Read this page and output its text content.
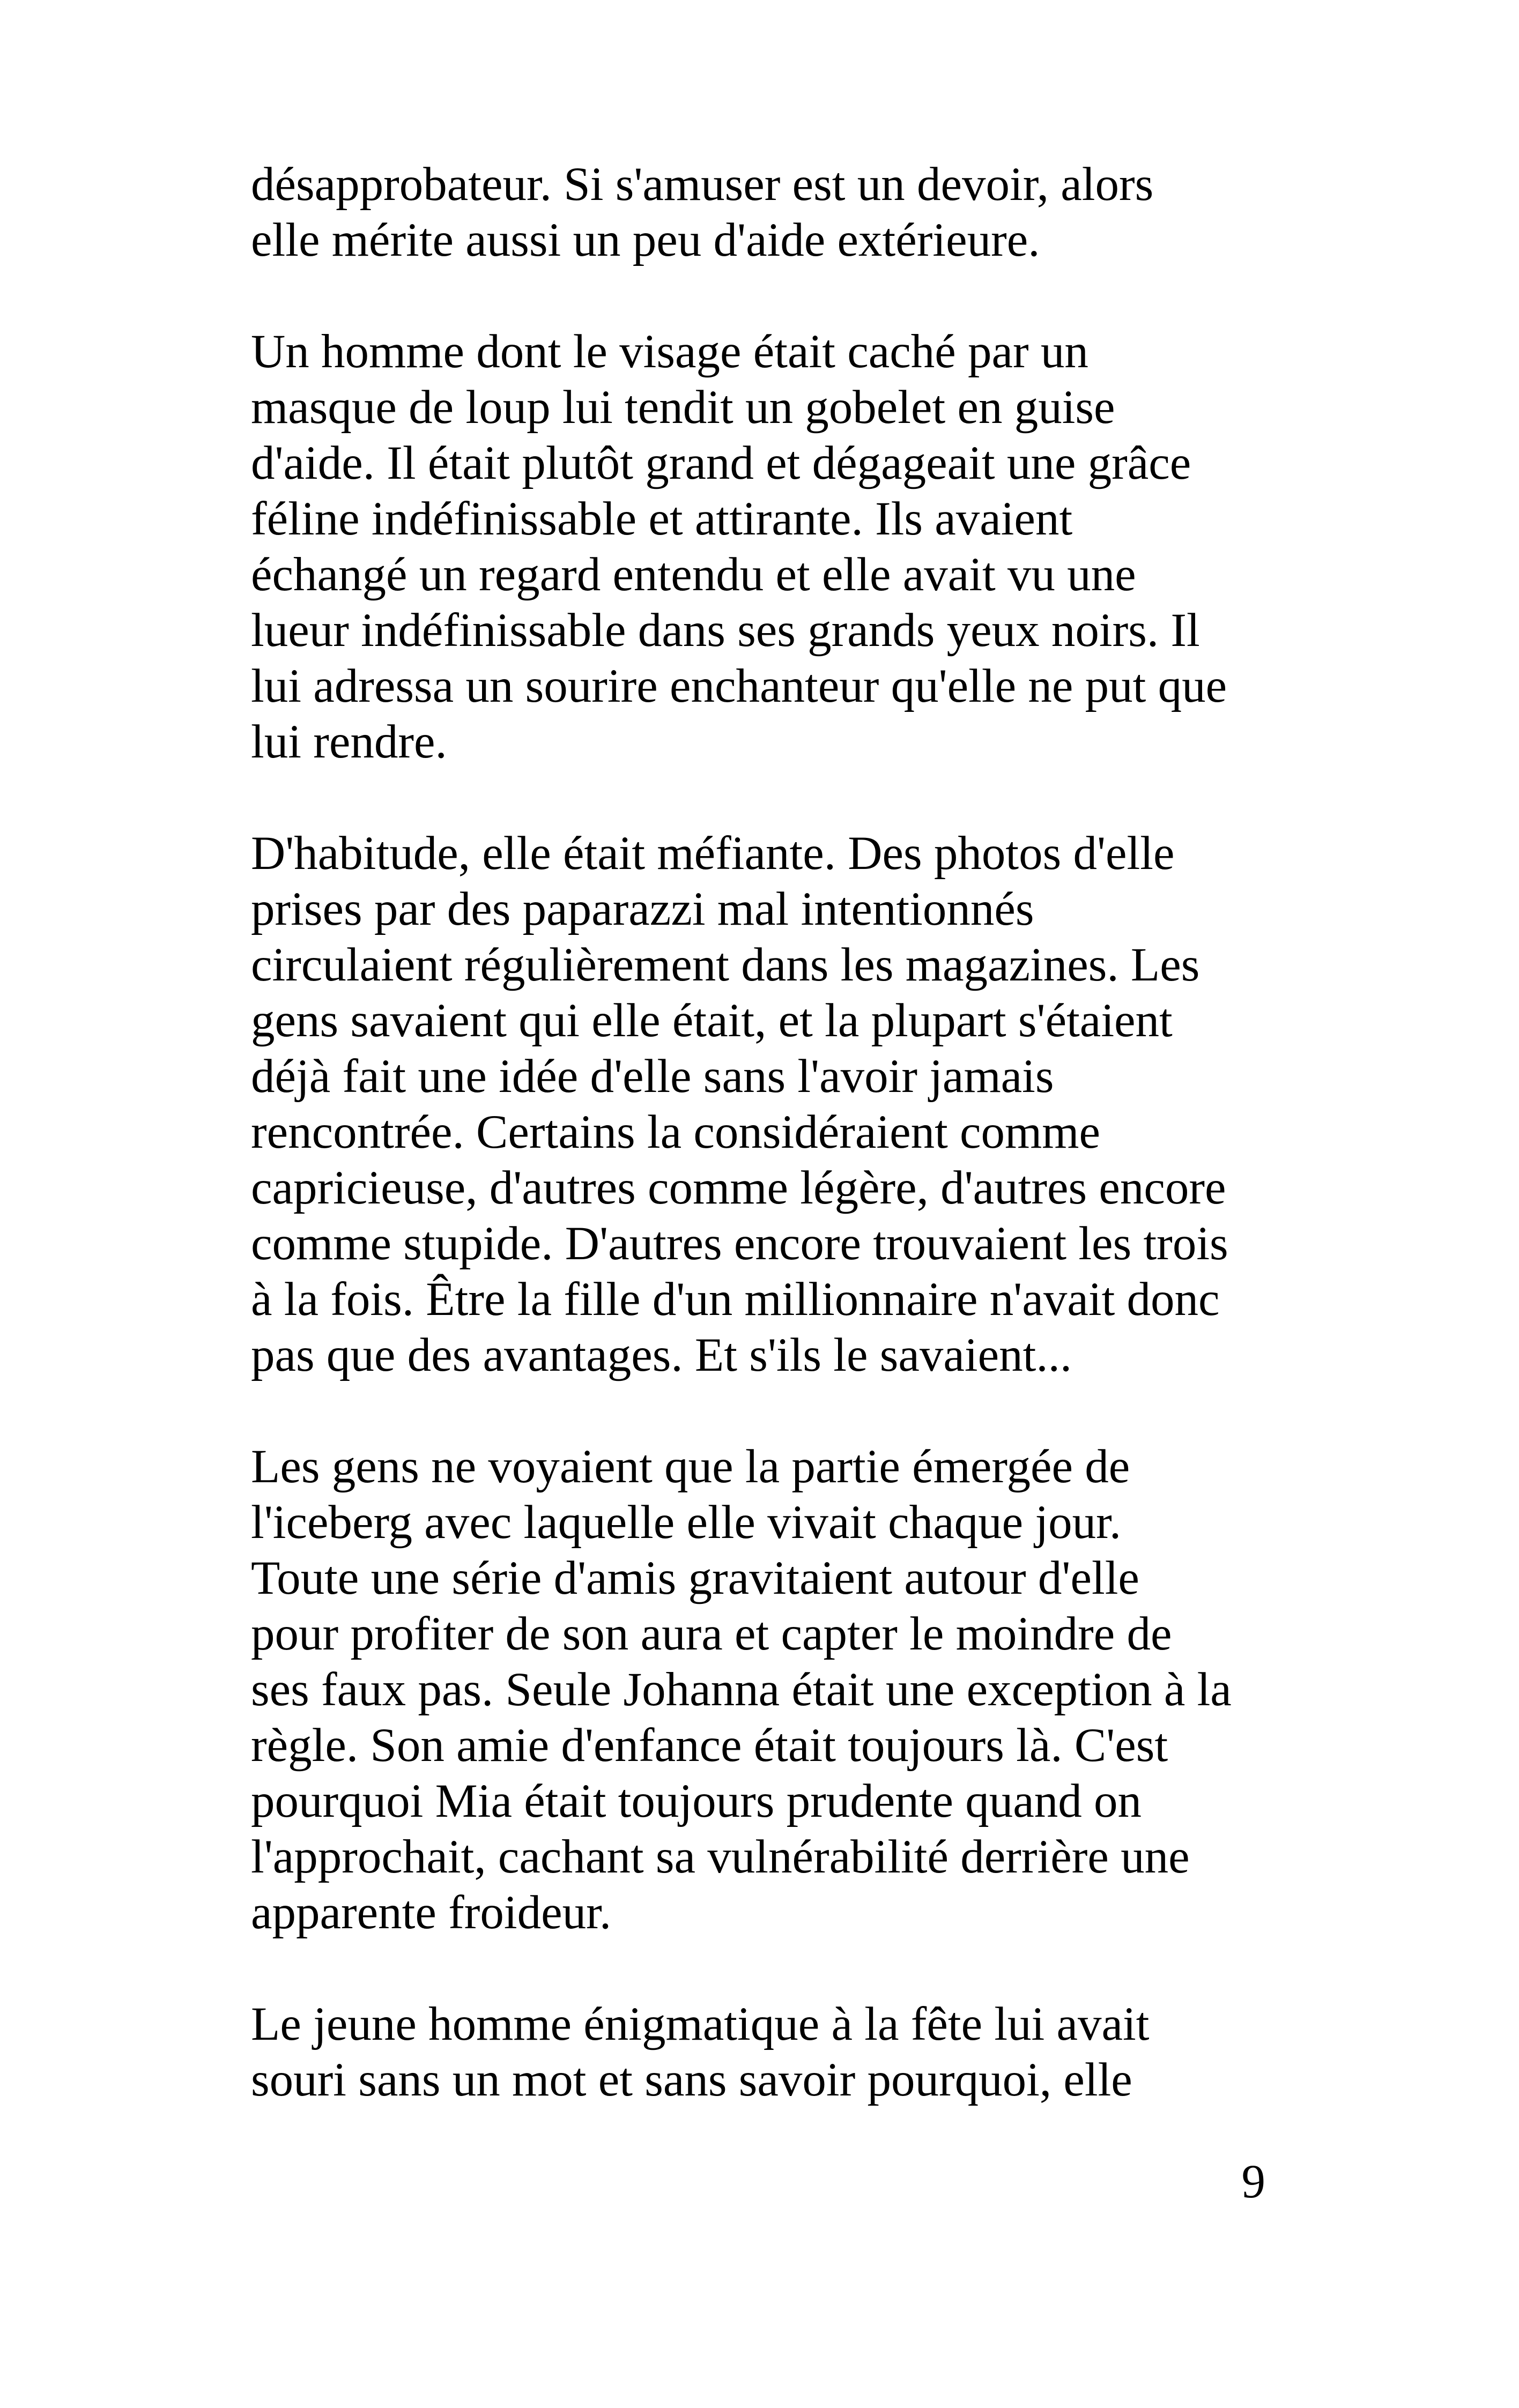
désapprobateur. Si s'amuser est un devoir, alors
elle mérite aussi un peu d'aide extérieure.
Un homme dont le visage était caché par un
masque de loup lui tendit un gobelet en guise
d'aide. Il était plutôt grand et dégageait une grâce
féline indéfinissable et attirante. Ils avaient
échangé un regard entendu et elle avait vu une
lueur indéfinissable dans ses grands yeux noirs. Il
lui adressa un sourire enchanteur qu'elle ne put que
lui rendre.
D'habitude, elle était méfiante. Des photos d'elle
prises par des paparazzi mal intentionnés
circulaient régulièrement dans les magazines. Les
gens savaient qui elle était, et la plupart s'étaient
déjà fait une idée d'elle sans l'avoir jamais
rencontrée. Certains la considéraient comme
capricieuse, d'autres comme légère, d'autres encore
comme stupide. D'autres encore trouvaient les trois
à la fois. Être la fille d'un millionnaire n'avait donc
pas que des avantages. Et s'ils le savaient...
Les gens ne voyaient que la partie émergée de
l'iceberg avec laquelle elle vivait chaque jour.
Toute une série d'amis gravitaient autour d'elle
pour profiter de son aura et capter le moindre de
ses faux pas. Seule Johanna était une exception à la
règle. Son amie d'enfance était toujours là. C'est
pourquoi Mia était toujours prudente quand on
l'approchait, cachant sa vulnérabilité derrière une
apparente froideur.
Le jeune homme énigmatique à la fête lui avait
souri sans un mot et sans savoir pourquoi, elle
9
